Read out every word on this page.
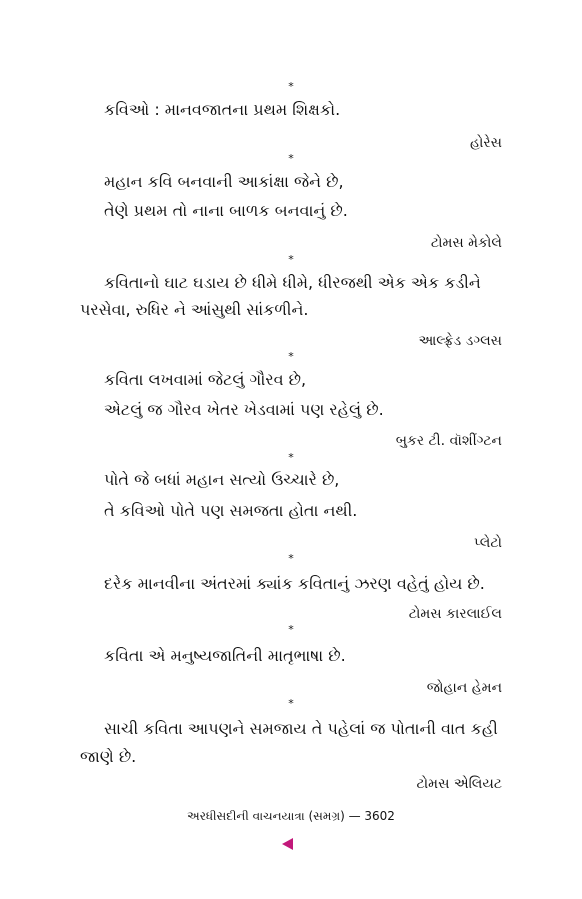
*
કવિઓ : માનવજાતના પ્રથમ શિક્ષકો.
હોરેસ
*
મહાન કવિ બનવાની આકાંક્ષા જેને છે,
તેણે પ્રથમ તો નાના બાળક બનવાનું છે.
ટોમસ મેકોલે
*
કવિતાનો ઘાટ ઘડાય છે ધીમે ધીમે, ધીરજથી એક એક કડીને
પરસેવા, રુધિર ને આંસુથી સાંકળીને.
આલ્ફ્રેડ ડગ્લસ
*
કવિતા લખવામાં જેટલું ગૌરવ છે,
એટલું જ ગૌરવ ખેતર ખેડવામાં પણ રહેલું છે.
બુકર ટી. વૉશીંગ્ટન
*
પોતે જે બધાં મહાન સત્યો ઉચ્ચારે છે,
તે કવિઓ પોતે પણ સમજતા હોતા નથી.
પ્લેટો
*
દરેક માનવીના અંતરમાં ક્યાંક કવિતાનું ઝરણ વહેતું હોય છે.
ટોમસ કારલાઈલ
*
કવિતા એ મનુષ્યજાતિની માતૃભાષા છે.
જોહાન હેમન
*
સાચી કવિતા આપણને સમજાય તે પહેલાં જ પોતાની વાત કહી
જાણે છે.
ટોમસ એલિયટ
અરધીસદીની વાચનયાત્રા (સમગ્ર) — 3602
